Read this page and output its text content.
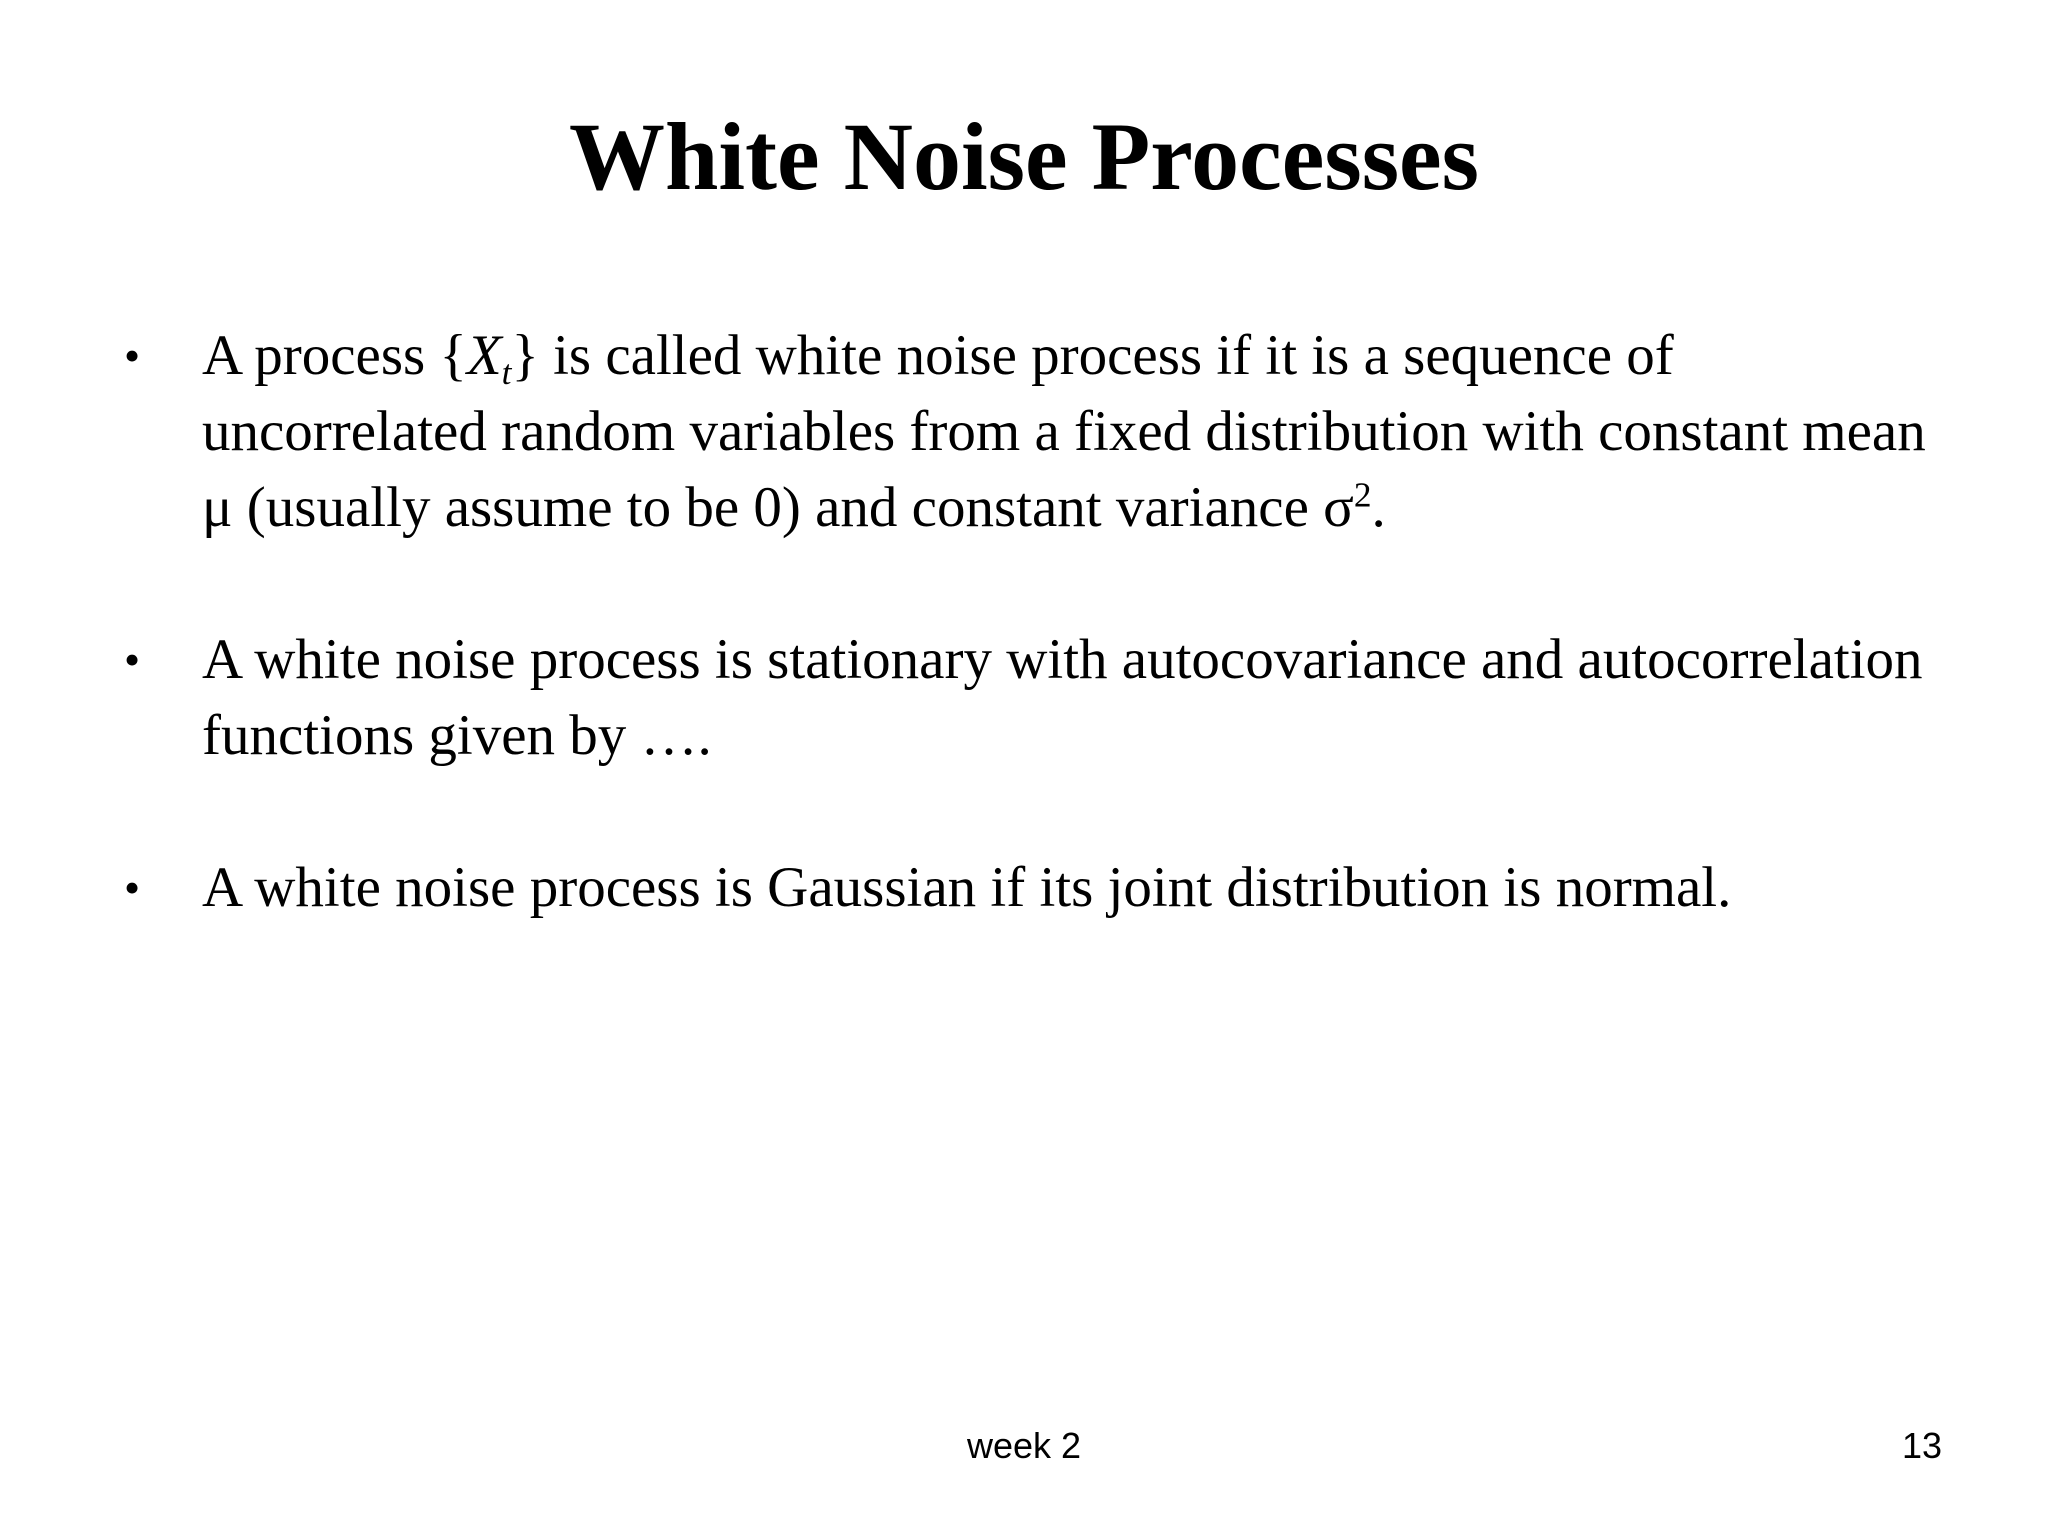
White Noise Processes
•	A process $\{X_t\}$ is called white noise process if it is a sequence of uncorrelated random variables from a fixed distribution with constant mean μ (usually assume to be 0) and constant variance $\sigma^2$.
•	A white noise process is stationary with autocovariance and autocorrelation functions given by ….
•	A white noise process is Gaussian if its joint distribution is normal.
week 2	13
